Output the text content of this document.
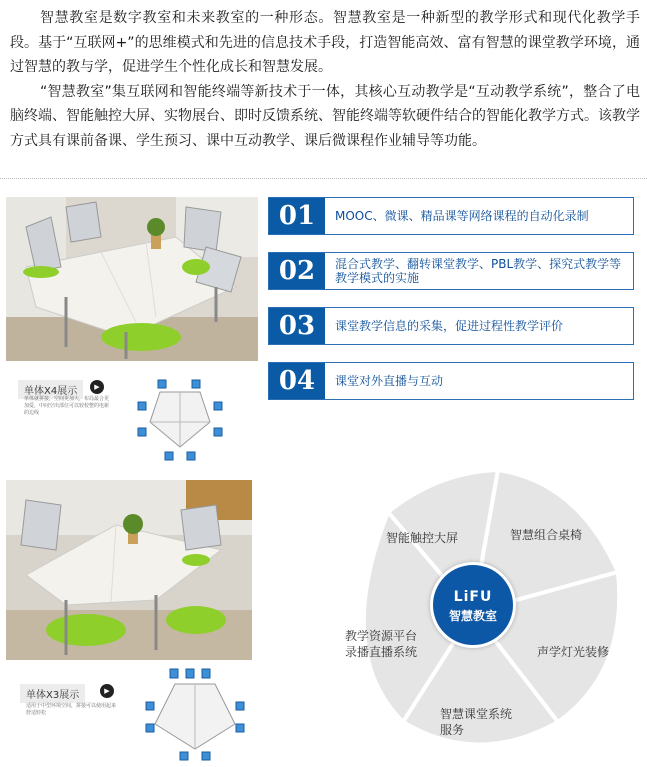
智慧教室是数字教室和未来教室的一种形态。智慧教室是一种新型的教学形式和现代化教学手段。基于“互联网+”的思维模式和先进的信息技术手段，打造智能高效、富有智慧的课堂教学环境，通过智慧的教与学，促进学生个性化成长和智慧发展。

“智慧教室”集互联网和智能终端等新技术于一体，其核心互动教学是“互动教学系统”，整合了电脑终端、智能触控大屏、实物展台、即时反馈系统、智能终端等软硬件结合的智能化教学方式。该教学方式具有课前备课、学生预习、课中互动教学、课后微课程作业辅导等功能。

单体X4展示	▶
单体就拼接，空间更加大，布局最合更加爱，中间空出部位可以较校整的电新的边线
单体X3展示	▶
适用于中型环境空间，拼接可以使用起来舒适轻松
01	MOOC、微课、精品课等网络课程的自动化录制
02	混合式教学、翻转课堂教学、PBL教学、探究式教学等教学模式的实施
03	课堂教学信息的采集，促进过程性教学评价
04	课堂对外直播与互动
智能触控大屏	智慧组合桌椅
声学灯光装修
智慧课堂系统
服务
教学资源平台
录播直播系统
LiFU
智慧教室
